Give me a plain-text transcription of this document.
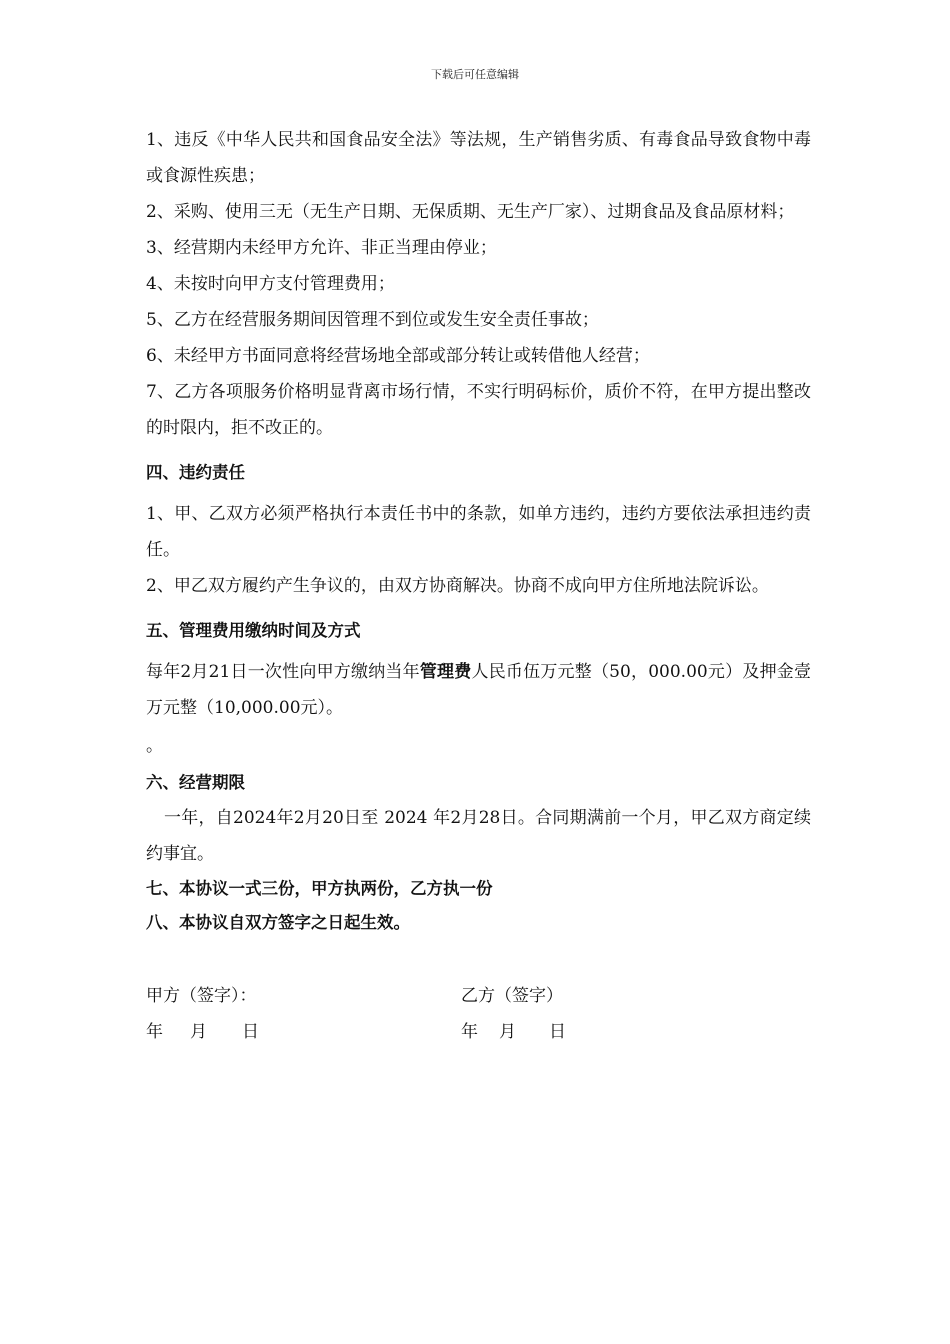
下载后可任意编辑

1、违反《中华人民共和国食品安全法》等法规，生产销售劣质、有毒食品导致食物中毒或食源性疾患；

2、采购、使用三无（无生产日期、无保质期、无生产厂家）、过期食品及食品原材料；

3、经营期内未经甲方允许、非正当理由停业；

4、未按时向甲方支付管理费用；

5、乙方在经营服务期间因管理不到位或发生安全责任事故；

6、未经甲方书面同意将经营场地全部或部分转让或转借他人经营；

7、乙方各项服务价格明显背离市场行情，不实行明码标价，质价不符，在甲方提出整改的时限内，拒不改正的。

四、违约责任

1、甲、乙双方必须严格执行本责任书中的条款，如单方违约，违约方要依法承担违约责任。

2、甲乙双方履约产生争议的，由双方协商解决。协商不成向甲方住所地法院诉讼。

五、管理费用缴纳时间及方式

每年2月21日一次性向甲方缴纳当年管理费人民币伍万元整（50，000.00元）及押金壹万元整（10,000.00元）。

。

六、经营期限

一年，自2024年2月20日至 2024 年2月28日。合同期满前一个月，甲乙双方商定续约事宜。

七、本协议一式三份，甲方执两份，乙方执一份

八、本协议自双方签字之日起生效。

甲方（签字）：	乙方（签字）
年 月 日	年 月 日
